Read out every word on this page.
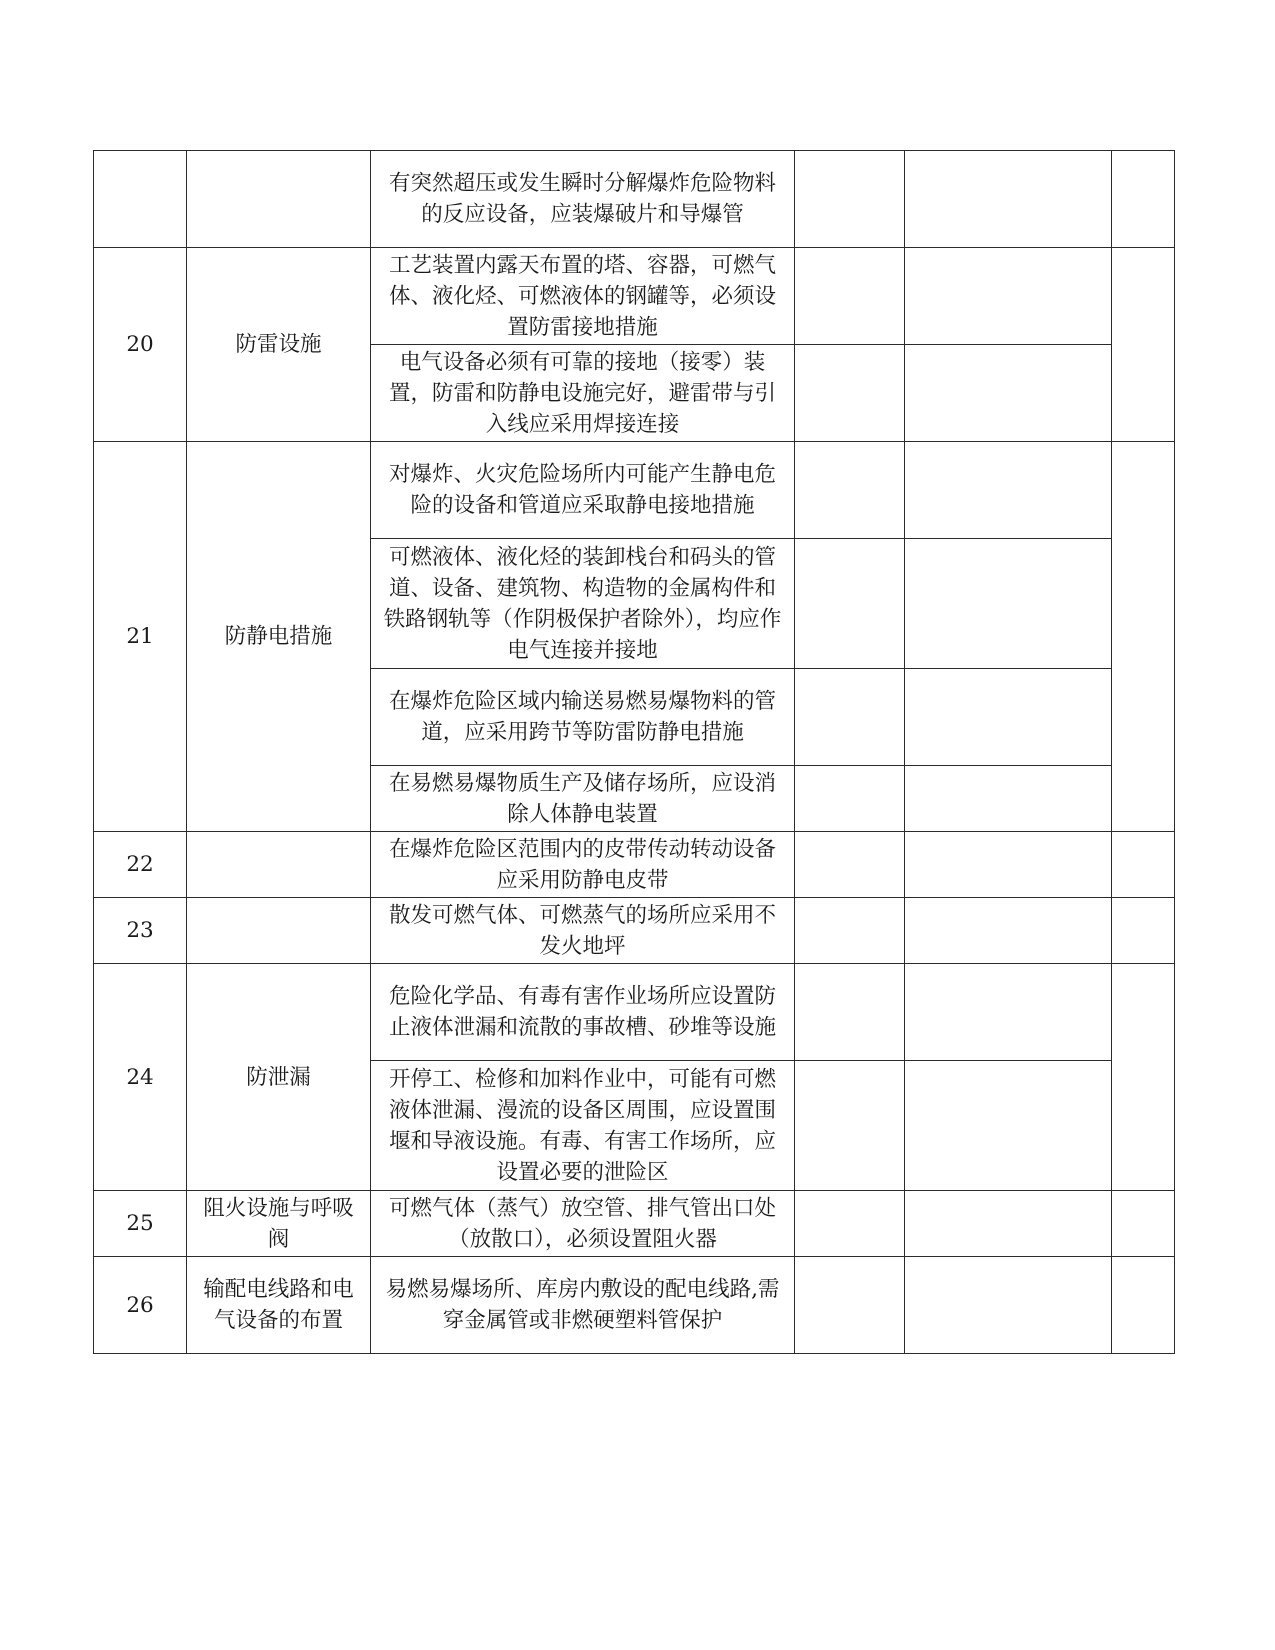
		有突然超压或发生瞬时分解爆炸危险物料的反应设备，应装爆破片和导爆管			
20	防雷设施	工艺装置内露天布置的塔、容器，可燃气体、液化烃、可燃液体的钢罐等，必须设置防雷接地措施			
		电气设备必须有可靠的接地（接零）装置，防雷和防静电设施完好，避雷带与引入线应采用焊接连接			
21	防静电措施	对爆炸、火灾危险场所内可能产生静电危险的设备和管道应采取静电接地措施			
		可燃液体、液化烃的装卸栈台和码头的管道、设备、建筑物、构造物的金属构件和铁路钢轨等（作阴极保护者除外），均应作电气连接并接地			
		在爆炸危险区域内输送易燃易爆物料的管道，应采用跨节等防雷防静电措施			
		在易燃易爆物质生产及储存场所，应设消除人体静电装置			
22		在爆炸危险区范围内的皮带传动转动设备应采用防静电皮带			
23		散发可燃气体、可燃蒸气的场所应采用不发火地坪			
24	防泄漏	危险化学品、有毒有害作业场所应设置防止液体泄漏和流散的事故槽、砂堆等设施			
		开停工、检修和加料作业中，可能有可燃液体泄漏、漫流的设备区周围，应设置围堰和导液设施。有毒、有害工作场所，应设置必要的泄险区			
25	阻火设施与呼吸阀	可燃气体（蒸气）放空管、排气管出口处（放散口），必须设置阻火器			
26	输配电线路和电气设备的布置	易燃易爆场所、库房内敷设的配电线路,需穿金属管或非燃硬塑料管保护			
